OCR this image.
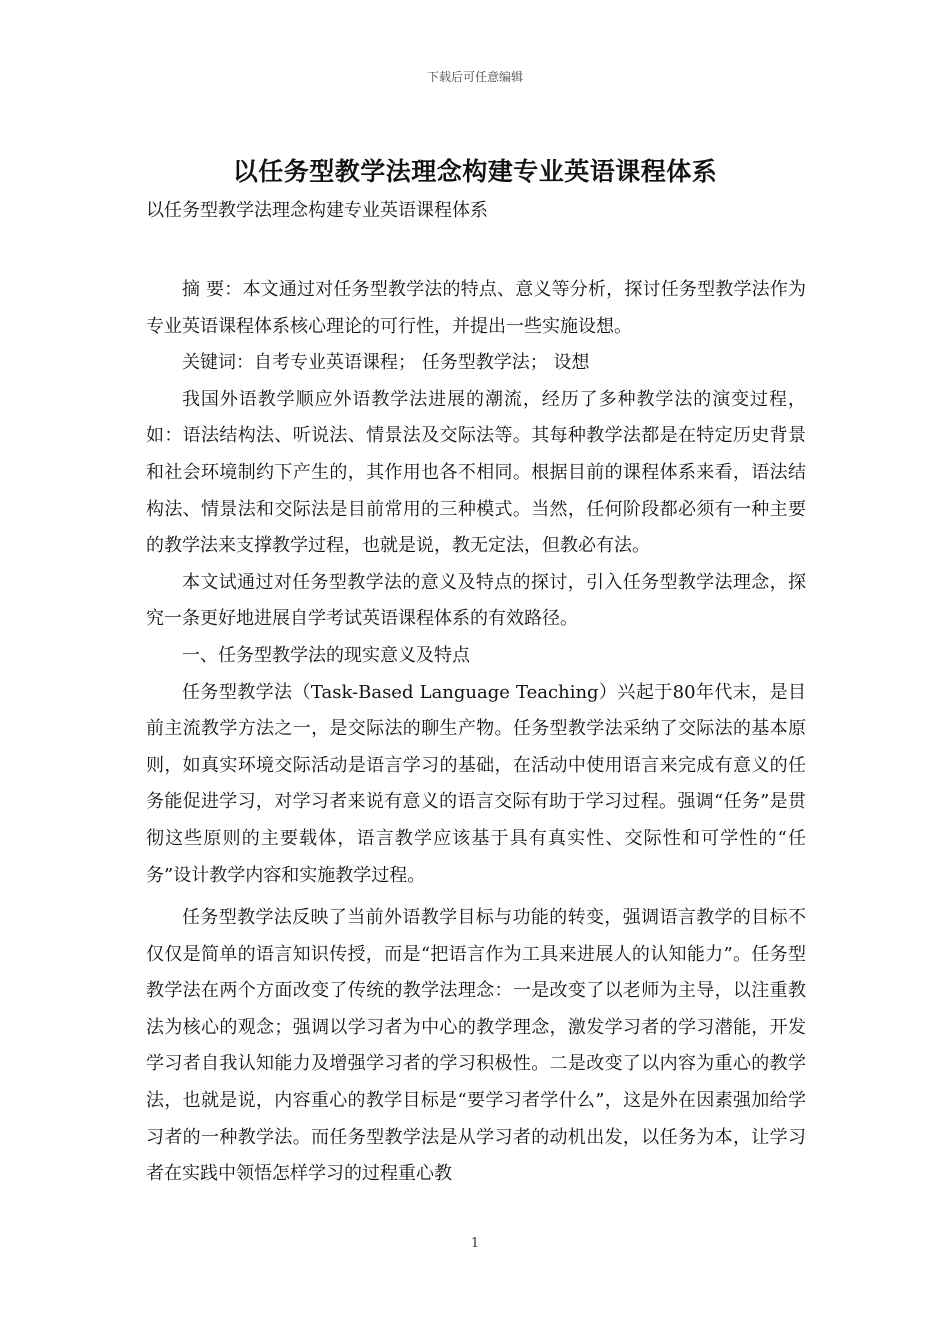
下载后可任意编辑
以任务型教学法理念构建专业英语课程体系
以任务型教学法理念构建专业英语课程体系

摘 要：本文通过对任务型教学法的特点、意义等分析，探讨任务型教学法作为专业英语课程体系核心理论的可行性，并提出一些实施设想。

关键词：自考专业英语课程； 任务型教学法； 设想

我国外语教学顺应外语教学法进展的潮流，经历了多种教学法的演变过程，如：语法结构法、听说法、情景法及交际法等。其每种教学法都是在特定历史背景和社会环境制约下产生的，其作用也各不相同。根据目前的课程体系来看，语法结构法、情景法和交际法是目前常用的三种模式。当然，任何阶段都必须有一种主要的教学法来支撑教学过程，也就是说，教无定法，但教必有法。

本文试通过对任务型教学法的意义及特点的探讨，引入任务型教学法理念，探究一条更好地进展自学考试英语课程体系的有效路径。

一、任务型教学法的现实意义及特点

任务型教学法（Task-Based Language Teaching）兴起于80年代末，是目前主流教学方法之一，是交际法的聊生产物。任务型教学法采纳了交际法的基本原则，如真实环境交际活动是语言学习的基础，在活动中使用语言来完成有意义的任务能促进学习，对学习者来说有意义的语言交际有助于学习过程。强调“任务”是贯彻这些原则的主要载体，语言教学应该基于具有真实性、交际性和可学性的“任务”设计教学内容和实施教学过程。

任务型教学法反映了当前外语教学目标与功能的转变，强调语言教学的目标不仅仅是简单的语言知识传授，而是“把语言作为工具来进展人的认知能力”。任务型教学法在两个方面改变了传统的教学法理念：一是改变了以老师为主导，以注重教法为核心的观念；强调以学习者为中心的教学理念，激发学习者的学习潜能，开发学习者自我认知能力及增强学习者的学习积极性。二是改变了以内容为重心的教学法，也就是说，内容重心的教学目标是“要学习者学什么”，这是外在因素强加给学习者的一种教学法。而任务型教学法是从学习者的动机出发，以任务为本，让学习者在实践中领悟怎样学习的过程重心教

1
